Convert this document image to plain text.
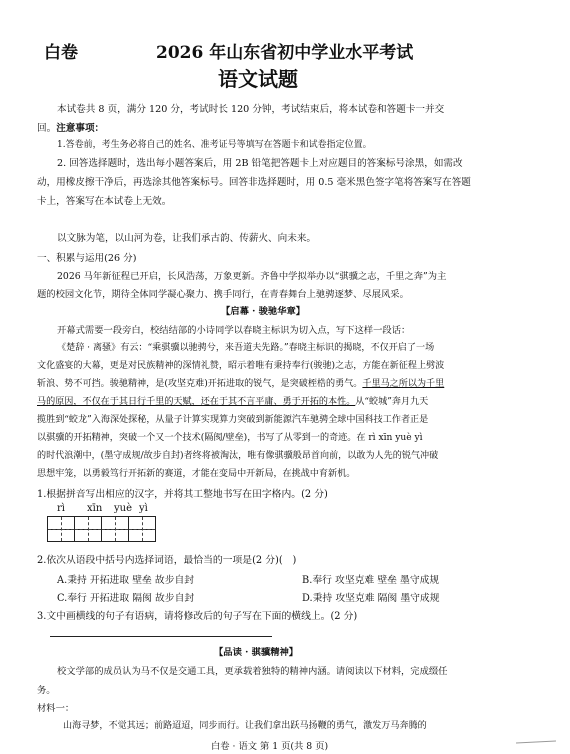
白卷	2026 年山东省初中学业水平考试
语文试题
本试卷共 8 页，满分 120 分，考试时长 120 分钟，考试结束后，将本试卷和答题卡一并交
回。注意事项：
1.答卷前，考生务必将自己的姓名、准考证号等填写在答题卡和试卷指定位置。
2. 回答选择题时，选出每小题答案后，用 2B 铅笔把答题卡上对应题目的答案标号涂黑，如需改
动，用橡皮擦干净后，再选涂其他答案标号。回答非选择题时，用 0.5 毫米黑色签字笔将答案写在答题
卡上，答案写在本试卷上无效。
以文脉为笔，以山河为卷，让我们承古韵、传薪火、向未来。
一、积累与运用(26 分)
2026 马年新征程已开启，长风浩荡，万象更新。齐鲁中学拟举办以“骐骥之志，千里之奔”为主
题的校园文化节，期待全体同学凝心聚力、携手同行，在青春舞台上驰骋逐梦、尽展风采。
【启幕 · 骏驰华章】
开幕式需要一段旁白，校结结部的小诗同学以春晓主标识为切入点，写下这样一段话：
《楚辞 · 离骚》有云：“乘骐骥以驰骋兮，来吾道夫先路。”春晓主标识的揭晓，不仅开启了一场
文化盛宴的大幕，更是对民族精神的深情礼赞，昭示着唯有秉持奉行(骏驰)之志，方能在新征程上劈波
斩浪、势不可挡。骏驰精神，是(攻坚克难)开拓进取的锐气，是突破桎梏的勇气。千里马之所以为千里
马的原因，不仅在于其日行千里的天赋，还在于其不言平庸、勇于开拓的本性。从“蛟城”奔月九天
揽胜到“蛟龙”入海深处探秘，从量子计算实现算力突破到新能源汽车驰骋全球中国科技工作者正是
以骐骥的开拓精神，突破一个又一个技术(隔阂/壁垒)，书写了从零到一的奇迹。在 rì xīn yuè yì
的时代浪潮中，(墨守成规/故步自封)者终将被淘汰，唯有像骐骥般昂首向前，以敢为人先的锐气冲破
思想牢笼，以勇毅笃行开拓新的赛道，才能在变局中开新局，在挑战中育新机。
1.根据拼音写出相应的汉字，并将其工整地书写在田字格内。(2 分)
rì xīn yuè yì
2.依次从语段中括号内选择词语，最恰当的一项是(2 分)(　)
A.秉持 开拓进取 壁垒 故步自封	B.奉行 攻坚克难 壁垒 墨守成规
C.奉行 开拓进取 隔阂 故步自封	D.秉持 攻坚克难 隔阂 墨守成规
3.文中画横线的句子有语病，请将修改后的句子写在下面的横线上。(2 分)
【品读 · 骐骥精神】
校文学部的成员认为马不仅是交通工具，更承载着独特的精神内涵。请阅读以下材料，完成缀任
务。
材料一：
山海寻梦，不觉其远；前路迢迢，同步而行。让我们拿出跃马扬鞭的勇气，激发万马奔腾的
白卷 · 语文 第 1 页(共 8 页)
